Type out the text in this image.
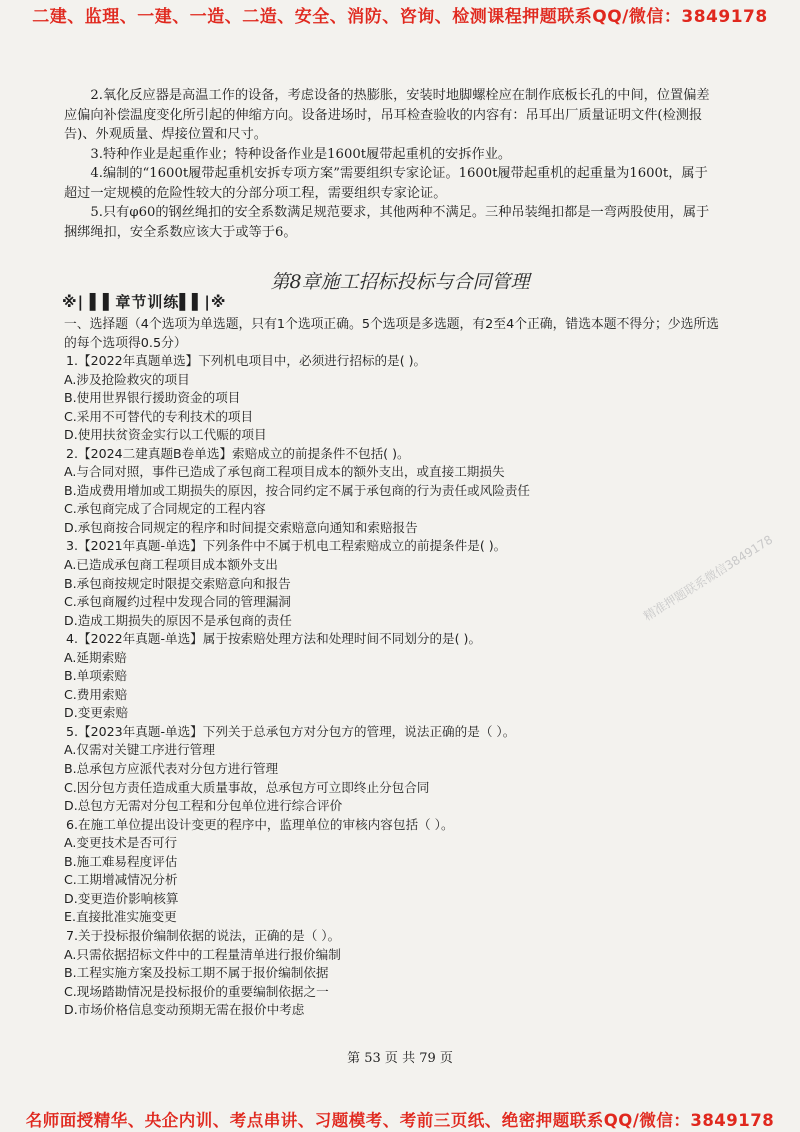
二建、监理、一建、一造、二造、安全、消防、咨询、检测课程押题联系QQ/微信：3849178

2.氧化反应器是高温工作的设备，考虑设备的热膨胀，安装时地脚螺栓应在制作底板长孔的中间，位置偏差应偏向补偿温度变化所引起的伸缩方向。设备进场时，吊耳检查验收的内容有：吊耳出厂质量证明文件(检测报告)、外观质量、焊接位置和尺寸。

3.特种作业是起重作业；特种设备作业是1600t履带起重机的安拆作业。

4.编制的“1600t履带起重机安拆专项方案”需要组织专家论证。1600t履带起重机的起重量为1600t，属于超过一定规模的危险性较大的分部分项工程，需要组织专家论证。

5.只有φ60的钢丝绳扣的安全系数满足规范要求，其他两种不满足。三种吊装绳扣都是一弯两股使用，属于捆绑绳扣，安全系数应该大于或等于6。

第8章施工招标投标与合同管理
※|▐ ▌章节训练▌▌|※

一、选择题（4个选项为单选题，只有1个选项正确。5个选项是多选题，有2至4个正确，错选本题不得分；少选所选的每个选项得0.5分）

1.【2022年真题单选】下列机电项目中，必须进行招标的是( )。
A.涉及抢险救灾的项目
B.使用世界银行援助资金的项目
C.采用不可替代的专利技术的项目
D.使用扶贫资金实行以工代赈的项目
2.【2024二建真题B卷单选】索赔成立的前提条件不包括( )。
A.与合同对照，事件已造成了承包商工程项目成本的额外支出，或直接工期损失
B.造成费用增加或工期损失的原因，按合同约定不属于承包商的行为责任或风险责任
C.承包商完成了合同规定的工程内容
D.承包商按合同规定的程序和时间提交索赔意向通知和索赔报告
3.【2021年真题-单选】下列条件中不属于机电工程索赔成立的前提条件是( )。
A.已造成承包商工程项目成本额外支出
B.承包商按规定时限提交索赔意向和报告
C.承包商履约过程中发现合同的管理漏洞
D.造成工期损失的原因不是承包商的责任
4.【2022年真题-单选】属于按索赔处理方法和处理时间不同划分的是( )。
A.延期索赔
B.单项索赔
C.费用索赔
D.变更索赔
5.【2023年真题-单选】下列关于总承包方对分包方的管理，说法正确的是（ ）。
A.仅需对关键工序进行管理
B.总承包方应派代表对分包方进行管理
C.因分包方责任造成重大质量事故，总承包方可立即终止分包合同
D.总包方无需对分包工程和分包单位进行综合评价
6.在施工单位提出设计变更的程序中，监理单位的审核内容包括（ ）。
A.变更技术是否可行
B.施工难易程度评估
C.工期增减情况分析
D.变更造价影响核算
E.直接批准实施变更
7.关于投标报价编制依据的说法，正确的是（ ）。
A.只需依据招标文件中的工程量清单进行报价编制
B.工程实施方案及投标工期不属于报价编制依据
C.现场踏勘情况是投标报价的重要编制依据之一
D.市场价格信息变动预期无需在报价中考虑
精准押题联系微信3849178
第 53 页 共 79 页
名师面授精华、央企内训、考点串讲、习题模考、考前三页纸、绝密押题联系QQ/微信：3849178
